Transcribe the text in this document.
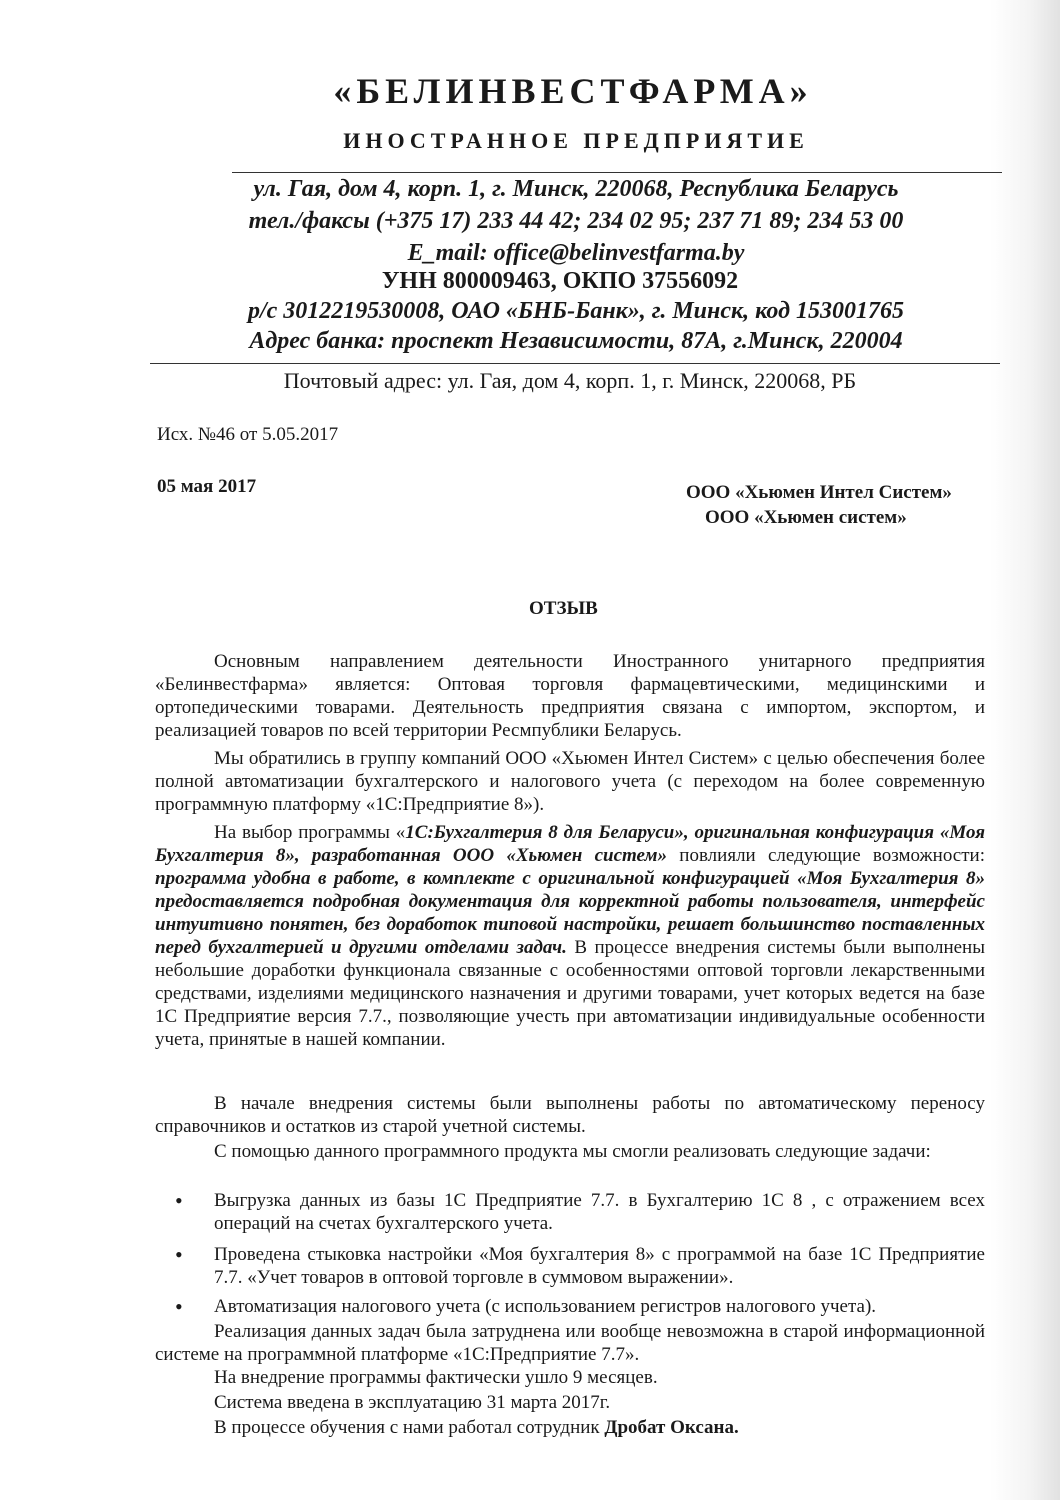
«БЕЛИНВЕСТФАРМА»
ИНОСТРАННОЕ ПРЕДПРИЯТИЕ
ул. Гая, дом 4, корп. 1, г. Минск, 220068, Республика Беларусь
тел./факсы (+375 17) 233 44 42; 234 02 95; 237 71 89; 234 53 00
E_mail: office@belinvestfarma.by
УНН 800009463, ОКПО 37556092
р/с 3012219530008, ОАО «БНБ-Банк», г. Минск, код 153001765
Адрес банка: проспект Независимости, 87А, г.Минск, 220004
Почтовый адрес: ул. Гая, дом 4, корп. 1, г. Минск, 220068, РБ
Исх. №46 от 5.05.2017
05 мая 2017	ООО «Хьюмен Интел Систем»
ООО «Хьюмен систем»
ОТЗЫВ
Основным направлением деятельности Иностранного унитарного предприятия «Белинвестфарма» является: Оптовая торговля фармацевтическими, медицинскими и ортопедическими товарами. Деятельность предприятия связана с импортом, экспортом, и реализацией товаров по всей территории Ресмпублики Беларусь.
Мы обратились в группу компаний ООО «Хьюмен Интел Систем» с целью обеспечения более полной автоматизации бухгалтерского и налогового учета (с переходом на более современную программную платформу «1С:Предприятие 8»).
На выбор программы «1С:Бухгалтерия 8 для Беларуси», оригинальная конфигурация «Моя Бухгалтерия 8», разработанная ООО «Хьюмен систем» повлияли следующие возможности: программа удобна в работе, в комплекте с оригинальной конфигурацией «Моя Бухгалтерия 8» предоставляется подробная документация для корректной работы пользователя, интерфейс интуитивно понятен, без доработок типовой настройки, решает большинство поставленных перед бухгалтерией и другими отделами задач. В процессе внедрения системы были выполнены небольшие доработки функционала связанные с особенностями оптовой торговли лекарственными средствами, изделиями медицинского назначения и другими товарами, учет которых ведется на базе 1С Предприятие версия 7.7., позволяющие учесть при автоматизации индивидуальные особенности учета, принятые в нашей компании.
В начале внедрения системы были выполнены работы по автоматическому переносу справочников и остатков из старой учетной системы.
С помощью данного программного продукта мы смогли реализовать следующие задачи:
• Выгрузка данных из базы 1С Предприятие 7.7. в Бухгалтерию 1С 8 , с отражением всех операций на счетах бухгалтерского учета.
• Проведена стыковка настройки «Моя бухгалтерия 8» с программой на базе 1С Предприятие 7.7. «Учет товаров в оптовой торговле в суммовом выражении».
• Автоматизация налогового учета (с использованием регистров налогового учета).
Реализация данных задач была затруднена или вообще невозможна в старой информационной системе на программной платформе «1С:Предприятие 7.7».
На внедрение программы фактически ушло 9 месяцев.
Система введена в эксплуатацию 31 марта 2017г.
В процессе обучения с нами работал сотрудник Дробат Оксана.
